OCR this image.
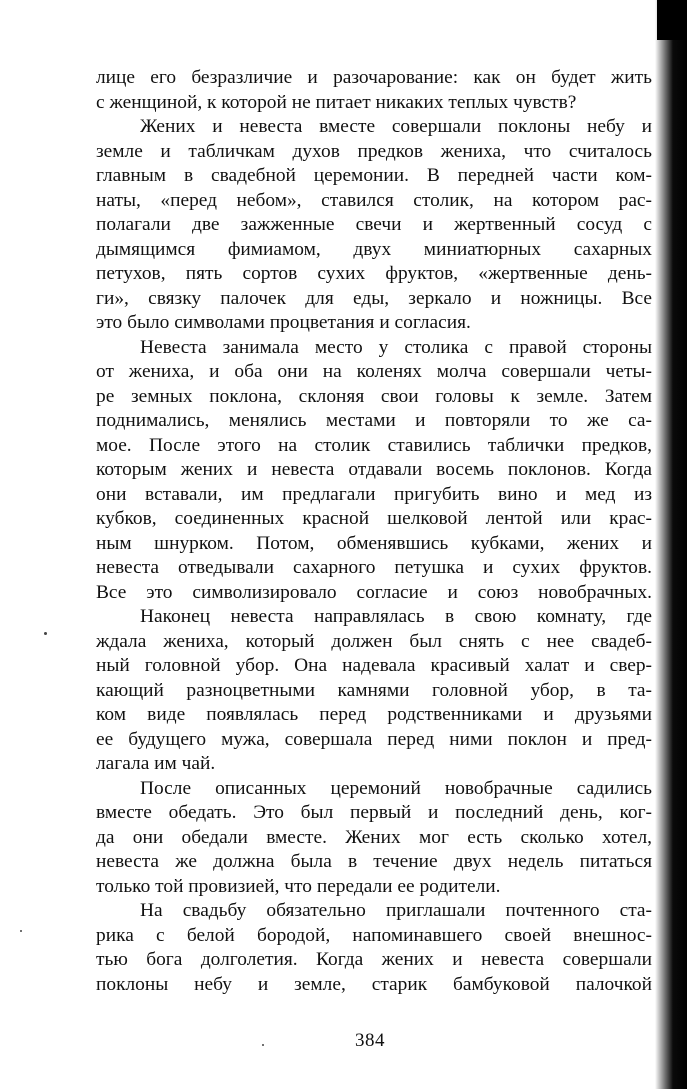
лице его безразличие и разочарование: как он будет жить
с женщиной, к которой не питает никаких теплых чувств?
Жених и невеста вместе совершали поклоны небу и
земле и табличкам духов предков жениха, что считалось
главным в свадебной церемонии. В передней части ком-
наты, «перед небом», ставился столик, на котором рас-
полагали две зажженные свечи и жертвенный сосуд с
дымящимся фимиамом, двух миниатюрных сахарных
петухов, пять сортов сухих фруктов, «жертвенные день-
ги», связку палочек для еды, зеркало и ножницы. Все
это было символами процветания и согласия.
Невеста занимала место у столика с правой стороны
от жениха, и оба они на коленях молча совершали четы-
ре земных поклона, склоняя свои головы к земле. Затем
поднимались, менялись местами и повторяли то же са-
мое. После этого на столик ставились таблички предков,
которым жених и невеста отдавали восемь поклонов. Когда
они вставали, им предлагали пригубить вино и мед из
кубков, соединенных красной шелковой лентой или крас-
ным шнурком. Потом, обменявшись кубками, жених и
невеста отведывали сахарного петушка и сухих фруктов.
Все это символизировало согласие и союз новобрачных.
Наконец невеста направлялась в свою комнату, где
ждала жениха, который должен был снять с нее свадеб-
ный головной убор. Она надевала красивый халат и свер-
кающий разноцветными камнями головной убор, в та-
ком виде появлялась перед родственниками и друзьями
ее будущего мужа, совершала перед ними поклон и пред-
лагала им чай.
После описанных церемоний новобрачные садились
вместе обедать. Это был первый и последний день, ког-
да они обедали вместе. Жених мог есть сколько хотел,
невеста же должна была в течение двух недель питаться
только той провизией, что передали ее родители.
На свадьбу обязательно приглашали почтенного ста-
рика с белой бородой, напоминавшего своей внешнос-
тью бога долголетия. Когда жених и невеста совершали
поклоны небу и земле, старик бамбуковой палочкой
384
